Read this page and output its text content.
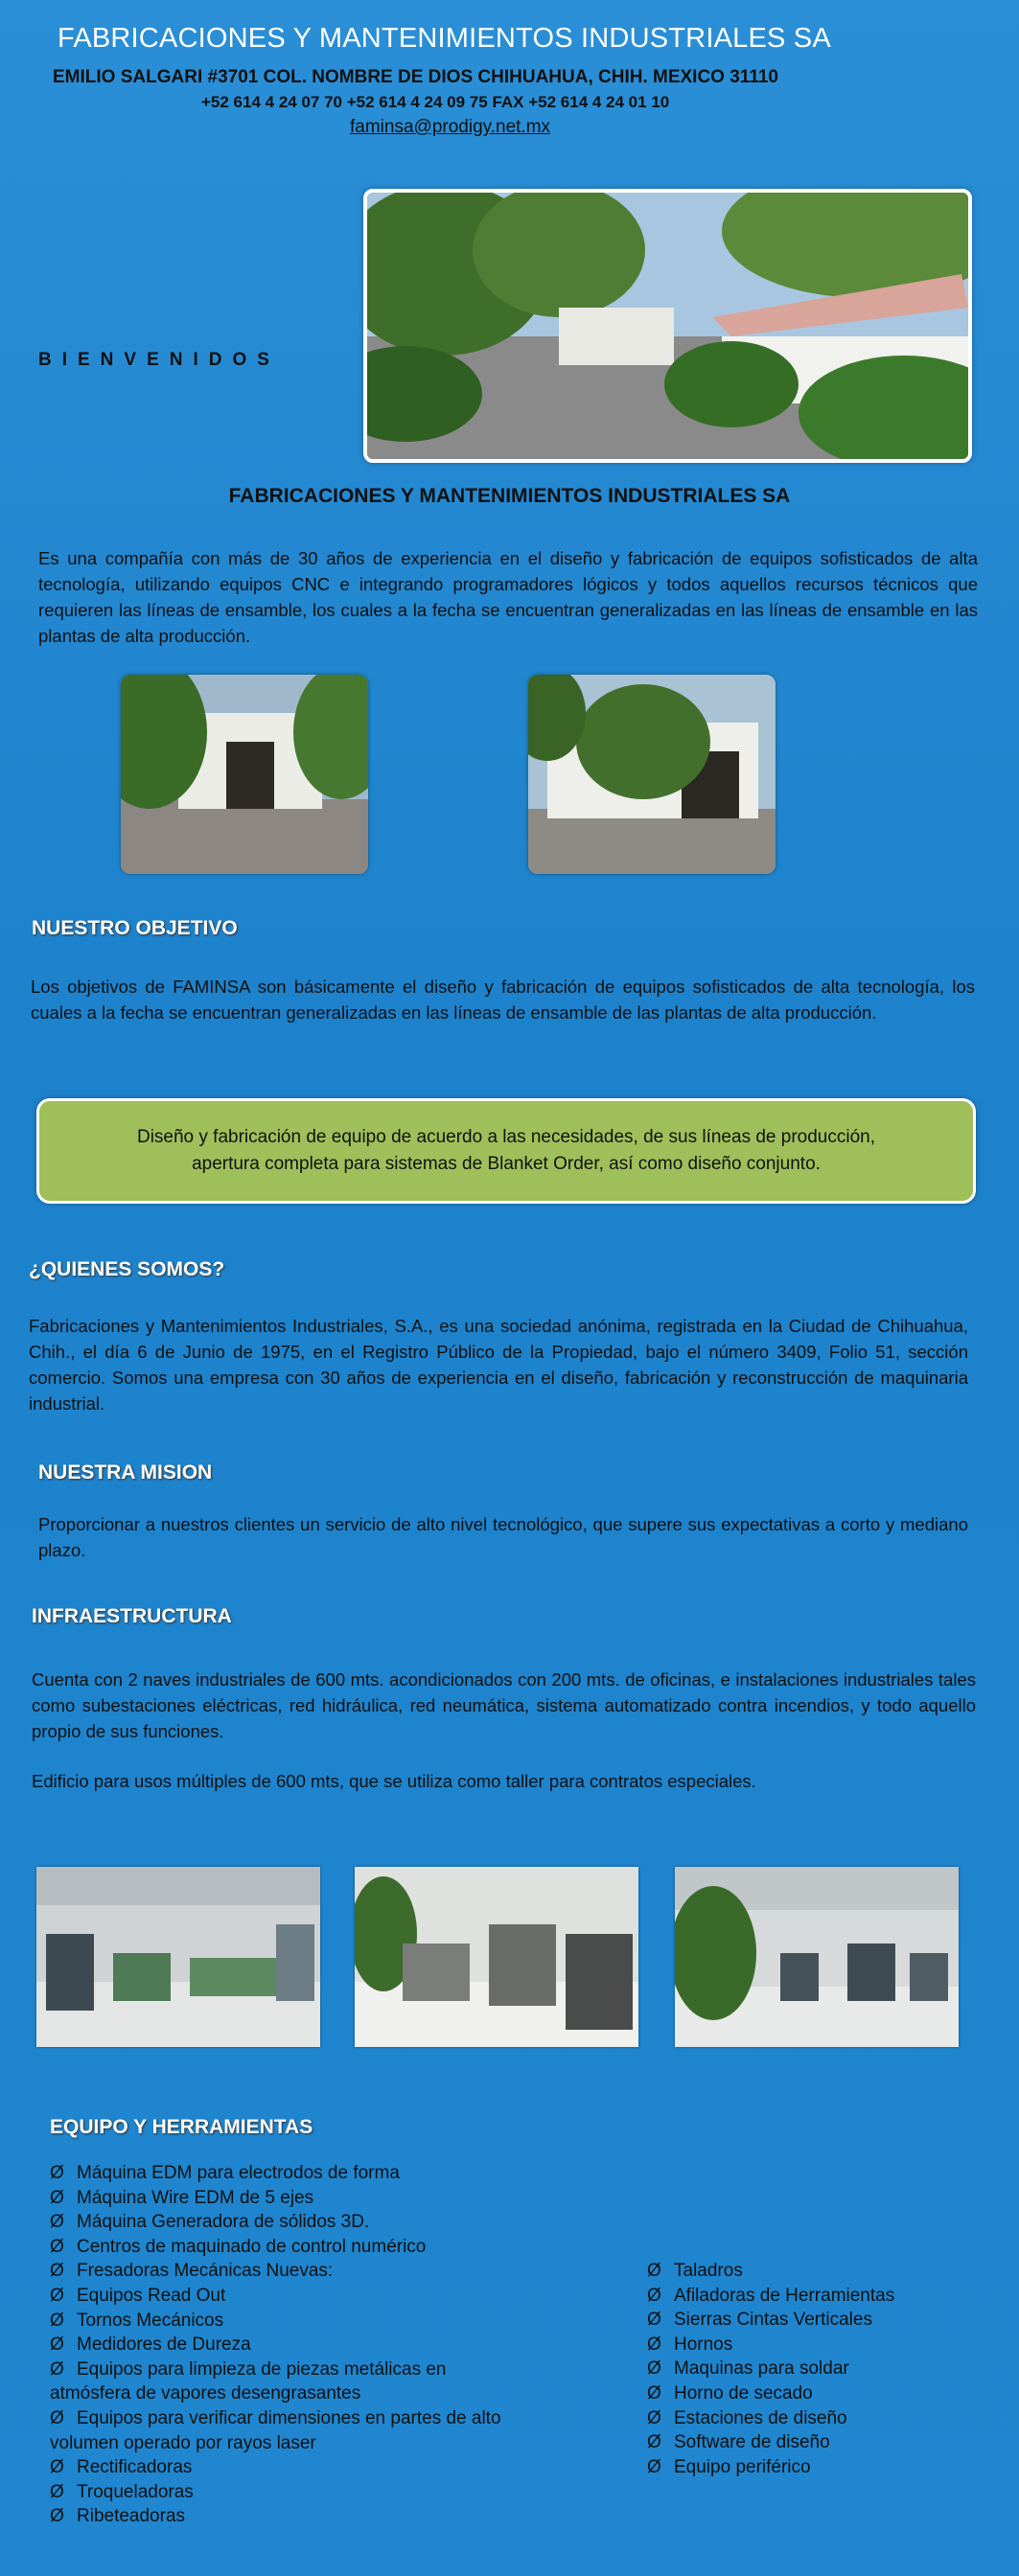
FABRICACIONES Y MANTENIMIENTOS INDUSTRIALES SA
EMILIO SALGARI #3701 COL. NOMBRE DE DIOS CHIHUAHUA, CHIH. MEXICO 31110
+52 614 4 24 07 70 +52 614 4 24 09 75 FAX +52 614 4 24 01 10
faminsa@prodigy.net.mx
BIENVENIDOS
FABRICACIONES Y MANTENIMIENTOS INDUSTRIALES SA
Es una compañía con más de 30 años de experiencia en el diseño y fabricación de equipos sofisticados de alta tecnología, utilizando equipos CNC e integrando programadores lógicos y todos aquellos recursos técnicos que requieren las líneas de ensamble, los cuales a la fecha se encuentran generalizadas en las líneas de ensamble en las plantas de alta producción.
NUESTRO OBJETIVO
Los objetivos de FAMINSA son básicamente el diseño y fabricación de equipos sofisticados de alta tecnología, los cuales a la fecha se encuentran generalizadas en las líneas de ensamble de las plantas de alta producción.
Diseño y fabricación de equipo de acuerdo a las necesidades, de sus líneas de producción,
apertura completa para sistemas de Blanket Order, así como diseño conjunto.
¿QUIENES SOMOS?
Fabricaciones y Mantenimientos Industriales, S.A., es una sociedad anónima, registrada en la Ciudad de Chihuahua, Chih., el día 6 de Junio de 1975, en el Registro Público de la Propiedad, bajo el número 3409, Folio 51, sección comercio. Somos una empresa con 30 años de experiencia en el diseño, fabricación y reconstrucción de maquinaria industrial.
NUESTRA MISION
Proporcionar a nuestros clientes un servicio de alto nivel tecnológico, que supere sus expectativas a corto y mediano plazo.
INFRAESTRUCTURA
Cuenta con 2 naves industriales de 600 mts. acondicionados con 200 mts. de oficinas, e instalaciones industriales tales como subestaciones eléctricas, red hidráulica, red neumática, sistema automatizado contra incendios, y todo aquello propio de sus funciones.
Edificio para usos múltiples de 600 mts, que se utiliza como taller para contratos especiales.
EQUIPO Y HERRAMIENTAS
Ø Máquina EDM para electrodos de forma
Ø Máquina Wire EDM de 5 ejes
Ø Máquina Generadora de sólidos 3D.
Ø Centros de maquinado de control numérico
Ø Fresadoras Mecánicas Nuevas:
Ø Equipos Read Out
Ø Tornos Mecánicos
Ø Medidores de Dureza
Ø Equipos para limpieza de piezas metálicas en
atmósfera de vapores desengrasantes
Ø Equipos para verificar dimensiones en partes de alto
volumen operado por rayos laser
Ø Rectificadoras
Ø Troqueladoras
Ø Ribeteadoras
Ø Taladros
Ø Afiladoras de Herramientas
Ø Sierras Cintas Verticales
Ø Hornos
Ø Maquinas para soldar
Ø Horno de secado
Ø Estaciones de diseño
Ø Software de diseño
Ø Equipo periférico
